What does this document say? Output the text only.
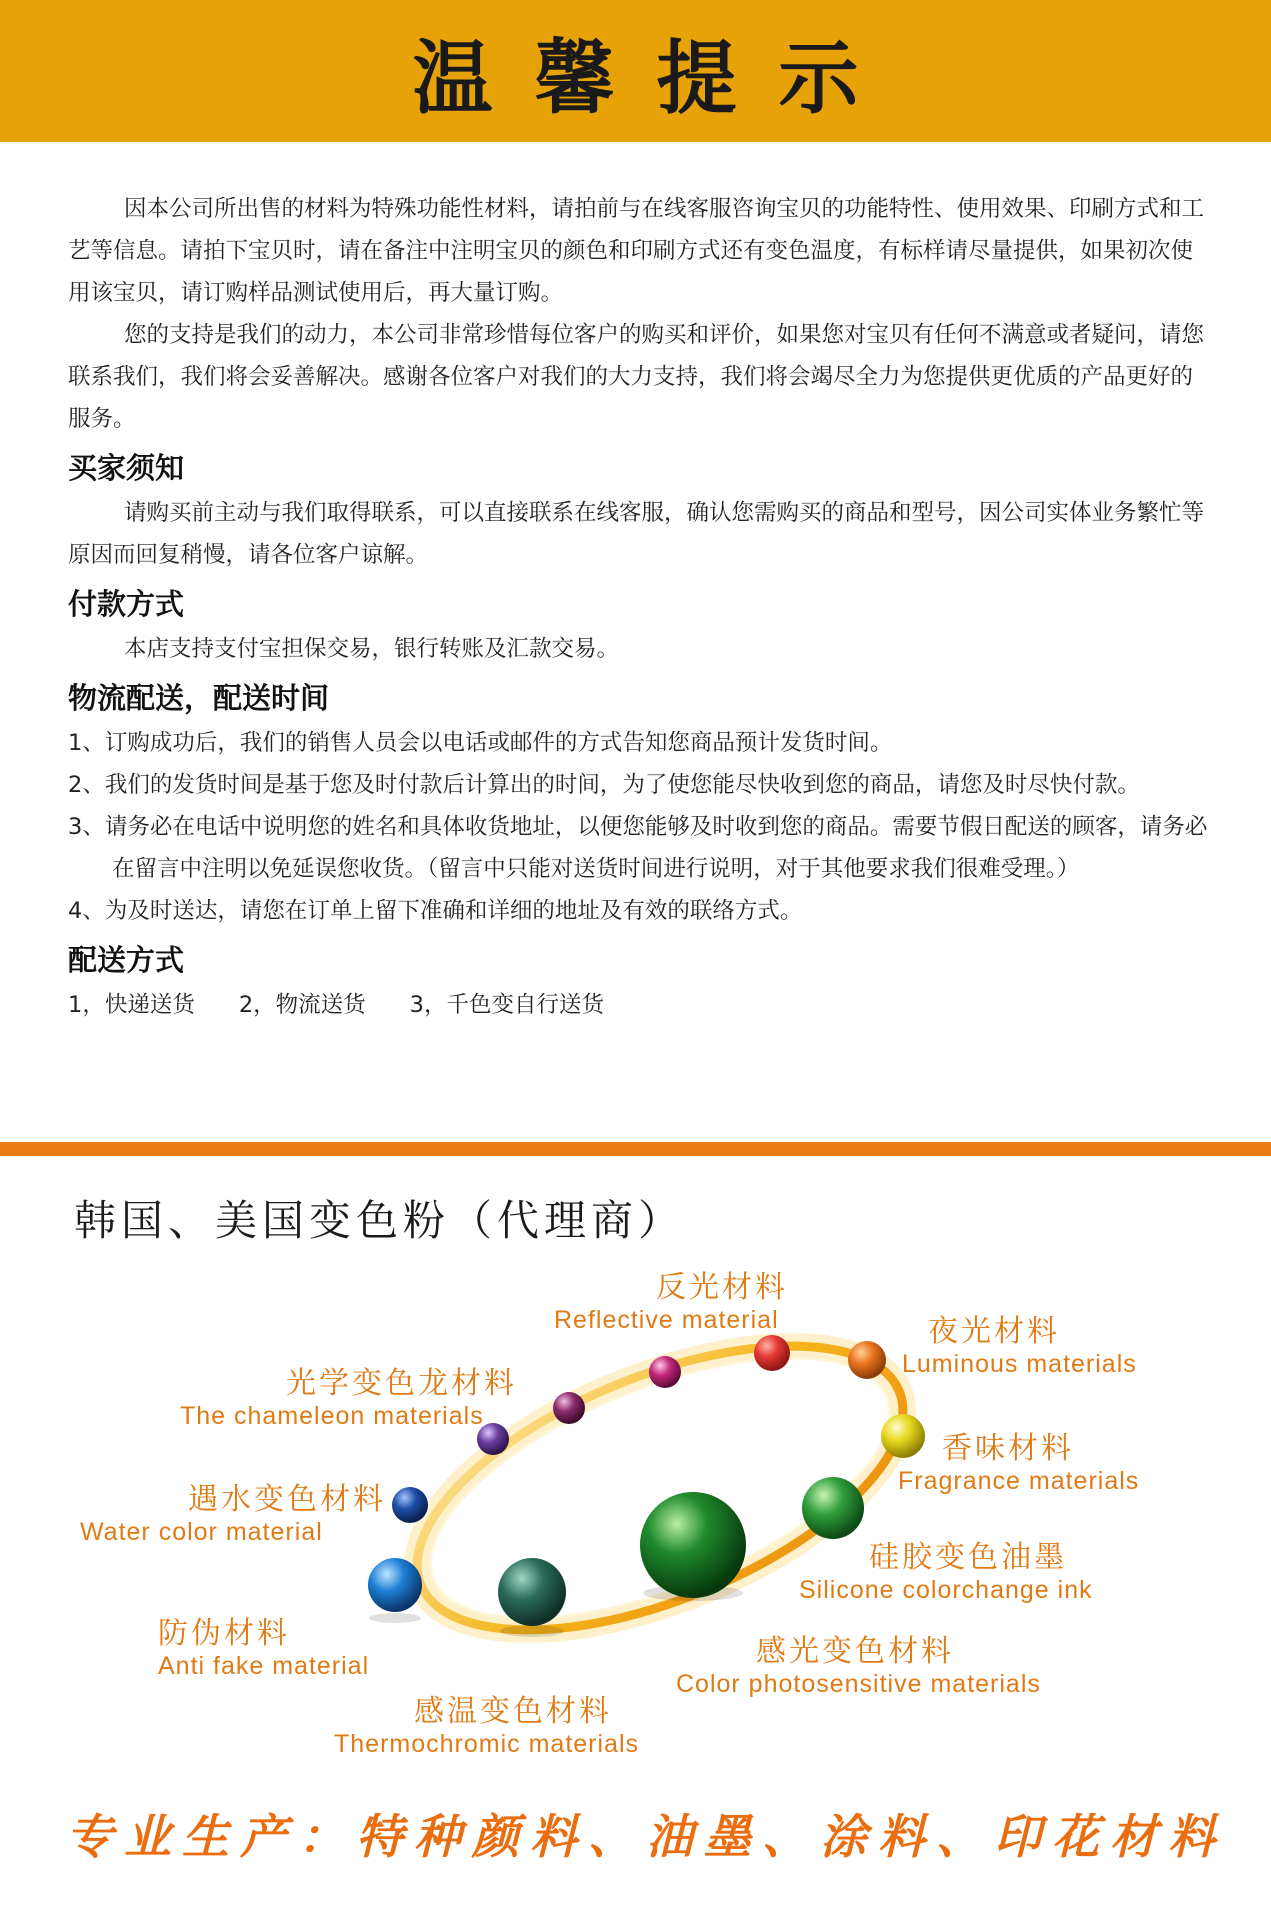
温馨提示

因本公司所出售的材料为特殊功能性材料，请拍前与在线客服咨询宝贝的功能特性、使用效果、印刷方式和工艺等信息。请拍下宝贝时，请在备注中注明宝贝的颜色和印刷方式还有变色温度，有标样请尽量提供，如果初次使用该宝贝，请订购样品测试使用后，再大量订购。

您的支持是我们的动力，本公司非常珍惜每位客户的购买和评价，如果您对宝贝有任何不满意或者疑问，请您联系我们，我们将会妥善解决。感谢各位客户对我们的大力支持，我们将会竭尽全力为您提供更优质的产品更好的服务。

买家须知

请购买前主动与我们取得联系，可以直接联系在线客服，确认您需购买的商品和型号，因公司实体业务繁忙等原因而回复稍慢，请各位客户谅解。

付款方式

本店支持支付宝担保交易，银行转账及汇款交易。

物流配送，配送时间

1、订购成功后，我们的销售人员会以电话或邮件的方式告知您商品预计发货时间。

2、我们的发货时间是基于您及时付款后计算出的时间，为了使您能尽快收到您的商品，请您及时尽快付款。

3、请务必在电话中说明您的姓名和具体收货地址，以便您能够及时收到您的商品。需要节假日配送的顾客，请务必在留言中注明以免延误您收货。（留言中只能对送货时间进行说明，对于其他要求我们很难受理。）

4、为及时送达，请您在订单上留下准确和详细的地址及有效的联络方式。

配送方式
1，快递送货 2，物流送货 3，千色变自行送货
韩国、美国变色粉（代理商）
反光材料
Reflective material	夜光材料
Luminous materials
光学变色龙材料
The chameleon materials
香味材料
Fragrance materials
遇水变色材料
Water color material
硅胶变色油墨
Silicone colorchange ink
防伪材料
Anti fake material	感光变色材料
Color photosensitive materials
感温变色材料
Thermochromic materials
专业生产：特种颜料、油墨、涂料、印花材料
